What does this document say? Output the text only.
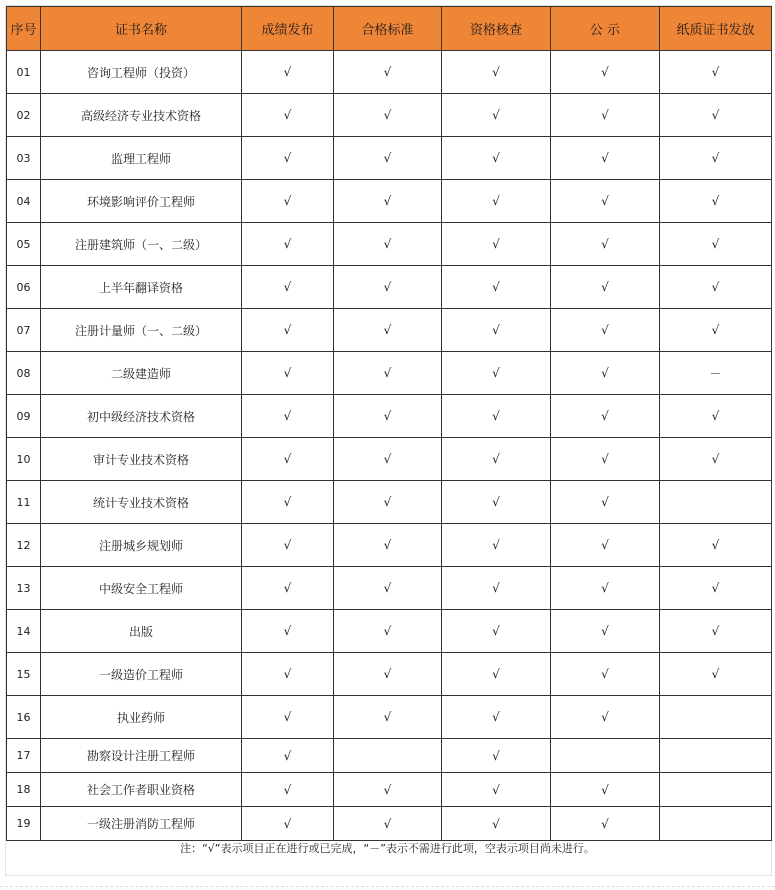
序号	证书名称	成绩发布	合格标准	资格核查	公 示	纸质证书发放
01	咨询工程师（投资）	√	√	√	√	√
02	高级经济专业技术资格	√	√	√	√	√
03	监理工程师	√	√	√	√	√
04	环境影响评价工程师	√	√	√	√	√
05	注册建筑师（一、二级）	√	√	√	√	√
06	上半年翻译资格	√	√	√	√	√
07	注册计量师（一、二级）	√	√	√	√	√
08	二级建造师	√	√	√	√	－
09	初中级经济技术资格	√	√	√	√	√
10	审计专业技术资格	√	√	√	√	√
11	统计专业技术资格	√	√	√	√	
12	注册城乡规划师	√	√	√	√	√
13	中级安全工程师	√	√	√	√	√
14	出版	√	√	√	√	√
15	一级造价工程师	√	√	√	√	√
16	执业药师	√	√	√	√	
17	勘察设计注册工程师	√		√		
18	社会工作者职业资格	√	√	√	√	
19	一级注册消防工程师	√	√	√	√	
注：“√”表示项目正在进行或已完成，“－”表示不需进行此项，空表示项目尚未进行。
